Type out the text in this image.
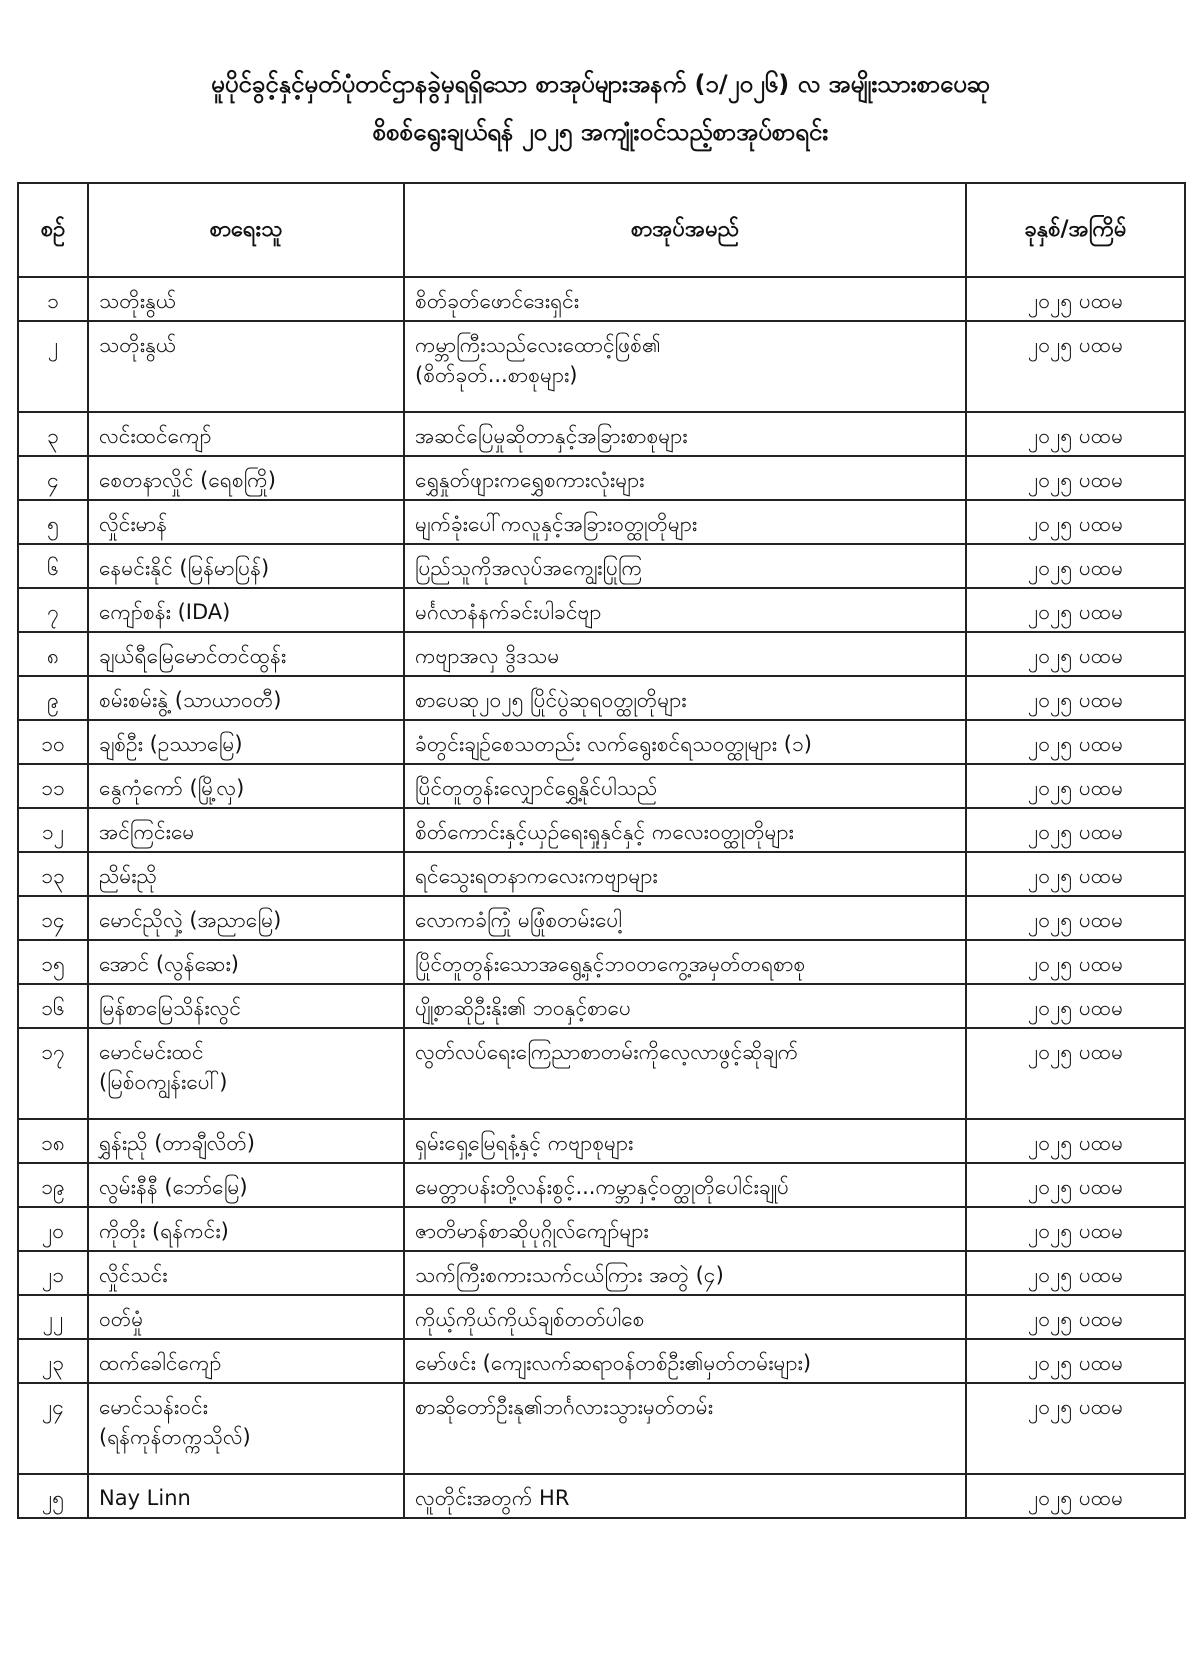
မူပိုင်ခွင့်နှင့်မှတ်ပုံတင်ဌာနခွဲမှရရှိသော စာအုပ်များအနက် (၁/၂၀၂၆) လ အမျိုးသားစာပေဆု
စိစစ်ရွေးချယ်ရန် ၂၀၂၅ အကျုံးဝင်သည့်စာအုပ်စာရင်း
စဉ်	စာရေးသူ	စာအုပ်အမည်	ခုနှစ်/အကြိမ်
၁	သတိုးနွယ်	စိတ်ခုတ်ဖောင်ဒေးရှင်း	၂၀၂၅ ပထမ
၂	သတိုးနွယ်	ကမ္ဘာကြီးသည်လေးထောင့်ဖြစ်၏
(စိတ်ခုတ်...စာစုများ)	၂၀၂၅ ပထမ
၃	လင်းထင်ကျော်	အဆင်ပြေမှုဆိုတာနှင့်အခြားစာစုများ	၂၀၂၅ ပထမ
၄	စေတနာလှိုင် (ရေစကြို)	ရွှေနှုတ်ဖျားကရွှေစကားလုံးများ	၂၀၂၅ ပထမ
၅	လှိုင်းမာန်	မျက်ခုံးပေါ်ကလူနှင့်အခြားဝတ္ထုတိုများ	၂၀၂၅ ပထမ
၆	နေမင်းနိုင် (မြန်မာပြန်)	ပြည်သူကိုအလုပ်အကျွေးပြုကြ	၂၀၂၅ ပထမ
၇	ကျော်စန်း (IDA)	မင်္ဂလာနံနက်ခင်းပါခင်ဗျာ	၂၀၂၅ ပထမ
၈	ချယ်ရီမြေမောင်တင်ထွန်း	ကဗျာအလှ ဒွိဒသမ	၂၀၂၅ ပထမ
၉	စမ်းစမ်းနွဲ့ (သာယာဝတီ)	စာပေဆု၂၀၂၅ ပြိုင်ပွဲဆုရဝတ္ထုတိုများ	၂၀၂၅ ပထမ
၁၀	ချစ်ဦး (ဥဿာမြေ)	ခံတွင်းချဉ်စေသတည်း လက်ရွေးစင်ရသဝတ္ထုများ (၁)	၂၀၂၅ ပထမ
၁၁	နွေကုံကော် (မြို့လှ)	ပြိုင်တူတွန်းလျှောင်ရွှေ့နိုင်ပါသည်	၂၀၂၅ ပထမ
၁၂	အင်ကြင်းမေ	စိတ်ကောင်းနှင့်ယှဉ်ရေးရှုနှင်နှင့် ကလေးဝတ္ထုတိုများ	၂၀၂၅ ပထမ
၁၃	ညိမ်းညို	ရင်သွေးရတနာကလေးကဗျာများ	၂၀၂၅ ပထမ
၁၄	မောင်ညိုလှဲ့ (အညာမြေ)	လောကခံကြုံ မဖြုံစတမ်းပေါ့	၂၀၂၅ ပထမ
၁၅	အောင် (လွန်ဆေး)	ပြိုင်တူတွန်းသောအရွေ့နှင့်ဘဝတကွေ့အမှတ်တရစာစု	၂၀၂၅ ပထမ
၁၆	မြန်စာမြေသိန်းလွင်	ပျို့စာဆိုဦးနိုး၏ ဘဝနှင့်စာပေ	၂၀၂၅ ပထမ
၁၇	မောင်မင်းထင်
(မြစ်ဝကျွန်းပေါ်)	လွတ်လပ်ရေးကြေညာစာတမ်းကိုလေ့လာဖွင့်ဆိုချက်	၂၀၂၅ ပထမ
၁၈	ရွှန်းညို (တာချီလိတ်)	ရှမ်းရှေ့မြေရနံ့နှင့် ကဗျာစုများ	၂၀၂၅ ပထမ
၁၉	လွမ်းနီနီ (ဘော်မြေ)	မေတ္တာပန်းတို့လန်းစွင့်...ကမ္ဘာနှင့်ဝတ္ထုတိုပေါင်းချုပ်	၂၀၂၅ ပထမ
၂၀	ကိုတိုး (ရန်ကင်း)	ဇာတိမာန်စာဆိုပုဂ္ဂိုလ်ကျော်များ	၂၀၂၅ ပထမ
၂၁	လှိုင်သင်း	သက်ကြီးစကားသက်ငယ်ကြား အတွဲ (၄)	၂၀၂၅ ပထမ
၂၂	ဝတ်မှုံ	ကိုယ့်ကိုယ်ကိုယ်ချစ်တတ်ပါစေ	၂၀၂၅ ပထမ
၂၃	ထက်ခေါင်ကျော်	မော်ဖင်း (ကျေးလက်ဆရာဝန်တစ်ဦး၏မှတ်တမ်းများ)	၂၀၂၅ ပထမ
၂၄	မောင်သန်းဝင်း
(ရန်ကုန်တက္ကသိုလ်)	စာဆိုတော်ဦးနု၏ဘင်္ဂလားသွားမှတ်တမ်း	၂၀၂၅ ပထမ
၂၅	Nay Linn	လူတိုင်းအတွက် HR	၂၀၂၅ ပထမ
